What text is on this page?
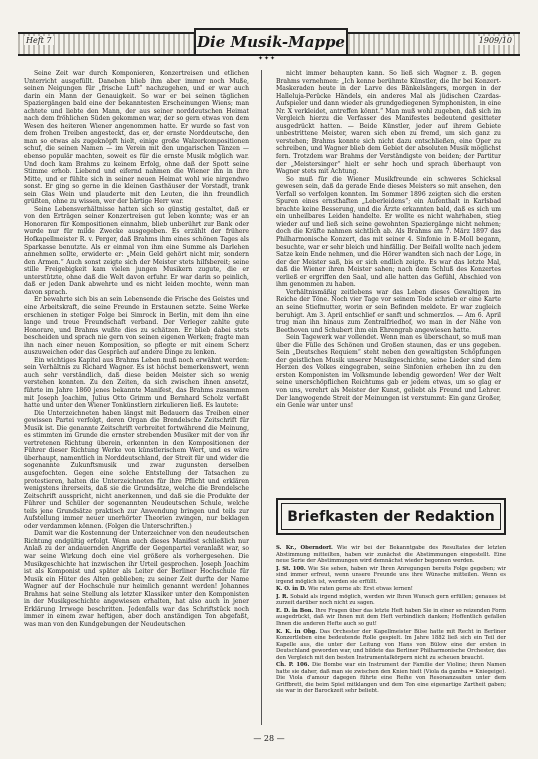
Heft 7	Die Musik-Mappe	1909/10
✦✦✦

Seine Zeit war durch Komponieren, Konzertreisen und etlichen Unterricht ausgefüllt. Daneben blieb ihm aber immer noch Muße, seinen Neigungen für „frische Luft“ nachzugehen, und er war auch darin ein Mann der Genauigkeit. So war er bei seinen täglichen Spaziergängen bald eine der bekanntesten Erscheinungen Wiens; man achtete und liebte den Mann, der aus seiner norddeutschen Heimat nach dem fröhlichen Süden gekommen war, der so gern etwas von dem Wesen des heiteren Wiener angenommen hatte. Er wurde so fast von dem frohen Treiben angesteckt, das er, der ernste Norddeutsche, den man so etwas als zugeknöpft hielt, einige große Walzerkompositionen schuf, die seinen Namen — im Verein mit den ungarischen Tänzen — ebenso populär machten, soweit es für die ernste Musik möglich war. Und doch kam Brahms zu keinem Erfolg, ohne daß der Spott seine Stimme erhob. Liebend und eifernd nahmen die Wiener ihn in ihre Mitte, und er fühlte sich in seiner neuen Heimat wohl wie nirgendwo sonst. Er ging so gerne in die kleinen Gasthäuser der Vorstadt, trank sein Glas Wein und plauderte mit den Leuten, die ihn freundlich grüßten, ohne zu wissen, wer der bärtige Herr war.

Seine Lebensverhältnisse hatten sich so günstig gestaltet, daß er von den Erträgen seiner Konzertreisen gut leben konnte; was er an Honoraren für Kompositionen einnahm, blieb unberührt zur Bank oder wurde nur für milde Zwecke ausgegeben. Es erzählt der frühere Hofkapellmeister R. v. Perger, daß Brahms ihm eines schönen Tages als Sparkasse benutzte. Als er einmal von ihm eine Summe als Darlehen annehmen sollte, erwiderte er: „Mein Geld gehört nicht mir, sondern den Armen.“ Auch sonst zeigte sich der Meister stets hilfsbereit; seine stille Freigebigkeit kam vielen jungen Musikern zugute, die er unterstützte, ohne daß die Welt davon erfuhr. Er war darin so peinlich, daß er jeden Dank abwehrte und es nicht leiden mochte, wenn man davon sprach.

Er bewahrte sich bis an sein Lebensende die Frische des Geistes und eine Arbeitskraft, die seine Freunde in Erstaunen setzte. Seine Werke erschienen in stetiger Folge bei Simrock in Berlin, mit dem ihn eine lange und treue Freundschaft verband. Der Verleger zahlte gute Honorare, und Brahms wußte dies zu schätzen. Er blieb dabei stets bescheiden und sprach nie gern von seinen eigenen Werken; fragte man ihn nach einer neuen Komposition, so pflegte er mit einem Scherz auszuweichen oder das Gespräch auf andere Dinge zu lenken.

Ein wichtiges Kapitel aus Brahms Leben muß noch erwähnt werden: sein Verhältnis zu Richard Wagner. Es ist höchst bemerkenswert, wenn auch sehr verständlich, daß diese beiden Meister sich so wenig verstehen konnten. Zu den Zeiten, da sich zwischen ihnen ansetzt, führte im Jahre 1860 jenes bekannte Manifest, das Brahms zusammen mit Joseph Joachim, Julius Otto Grimm und Bernhard Scholz verfaßt hatte und unter den Wiener Tonkünstlern zirkulieren ließ. Es lautete:

Die Unterzeichneten haben längst mit Bedauern das Treiben einer gewissen Partei verfolgt, deren Organ die Brendelsche Zeitschrift für Musik ist. Die genannte Zeitschrift verbreitet fortwährend die Meinung, es stimmten im Grunde die ernster strebenden Musiker mit der von ihr vertretenen Richtung überein, erkennten in den Kompositionen der Führer dieser Richtung Werke von künstlerischem Wert, und es wäre überhaupt, namentlich in Norddeutschland, der Streit für und wider die sogenannte Zukunftsmusik und zwar zugunsten derselben ausgefochten. Gegen eine solche Entstellung der Tatsachen zu protestieren, halten die Unterzeichneten für ihre Pflicht und erklären wenigstens ihrerseits, daß sie die Grundsätze, welche die Brendelsche Zeitschrift ausspricht, nicht anerkennen, und daß sie die Produkte der Führer und Schüler der sogenannten Neudeutschen Schule, welche teils jene Grundsätze praktisch zur Anwendung bringen und teils zur Aufstellung immer neuer unerhörter Theorien zwingen, nur beklagen oder verdammen können. (Folgen die Unterschriften.)

Damit war die Kostennung der Unterzeichner von den neudeutschen Richtung endgültig erfolgt. Wenn auch dieses Manifest schließlich nur Anlaß zu der andauernden Angriffe der Gegenpartei veranlaßt war, so war seine Wirkung doch eine viel größere als vorhergesehen. Die Musikgeschichte hat inzwischen ihr Urteil gesprochen. Joseph Joachim ist als Komponist und später als Leiter der Berliner Hochschule für Musik ein Hüter des Alten geblieben; zu seiner Zeit durfte der Name Wagner auf der Hochschule nur heimlich genannt werden! Johannes Brahms hat seine Stellung als letzter Klassiker unter den Komponisten in der Musikgeschichte angewiesen erhalten, hat also auch in jener Erklärung Irrwege beschritten. Jedenfalls war das Schriftstück noch immer in einem zwar heftigen, aber doch anständigen Ton abgefaßt, was man von den Kundgebungen der Neudeutschen

nicht immer behaupten kann. So ließ sich Wagner z. B. gegen Brahms vernehmen: „Ich kenne berühmte Künstler, die Ihr bei Konzert-Maskeraden heute in der Larve des Bänkelsängers, morgen in der Halleluja-Perücke Händels, ein anderes Mal als jüdischen Czardas-Aufspieler und dann wieder als grundgediegenen Symphonisten, in eine Nr. X verkleidet, antreffen könnt.“ Man muß wohl zugeben, daß sich im Vergleich hierzu die Verfasser des Manifestes bedeutend gesitteter ausgedrückt hatten. — Beide Künstler, jeder auf ihrem Gebiete unbestrittene Meister, waren sich eben zu fremd, um sich ganz zu verstehen; Brahms konnte sich nicht dazu entschließen, eine Oper zu schreiben, und Wagner blieb dem Gebiet der absoluten Musik möglichst fern. Trotzdem war Brahms der Verständigste von beiden; der Partitur der „Meistersinger“ hielt er sehr hoch und sprach überhaupt von Wagner stets mit Achtung.

So muß für die Wiener Musikfreunde ein schweres Schicksal gewesen sein, daß da gerade Ende dieses Meisters so mit ansehen, den Verfall so verfolgen konnten. Im Sommer 1896 zeigten sich die ersten Spuren eines ernsthaften „Leberleidens“; ein Aufenthalt in Karlsbad brachte keine Besserung, und die Ärzte erkannten bald, daß es sich um ein unheilbares Leiden handelte. Er wollte es nicht wahrhaben, stieg wieder auf und ließ sich seine gewohnten Spaziergänge nicht nehmen; doch die Kräfte nahmen sichtlich ab. Als Brahms am 7. März 1897 das Philharmonische Konzert, das mit seiner 4. Sinfonie in E-Moll begann, besuchte, war er sehr bleich und hinfällig. Der Beifall wollte nach jedem Satze kein Ende nehmen, und die Hörer wandten sich nach der Loge, in der der Meister saß, bis er sich endlich zeigte. Es war das letzte Mal, daß die Wiener ihren Meister sahen; nach dem Schluß des Konzertes verließ er ergriffen den Saal, und alle hatten das Gefühl, Abschied von ihm genommen zu haben.

Verhältnismäßig zeitlebens war das Leben dieses Gewaltigen im Reiche der Töne. Noch vier Tage vor seinem Tode schrieb er eine Karte an seine Stiefmutter, worin er sein Befinden meldete. Er war zugleich beruhigt. Am 3. April entschlief er sanft und schmerzlos. — Am 6. April trug man ihn hinaus zum Zentralfriedhof, wo man in der Nähe von Beethoven und Schubert ihm ein Ehrengrab angewiesen hatte.

Sein Tagewerk war vollendet. Wenn man es überschaut, so muß man über die Fülle des Schönen und Großen staunen, das er uns gegeben. Sein „Deutsches Requiem“ steht neben den gewaltigsten Schöpfungen der geistlichen Musik unserer Musikgeschichte, seine Lieder sind dem Herzen des Volkes eingegraben, seine Sinfonien erheben ihn zu den ersten Komponisten im Volksmunde lebendig geworden! Wer der Welt seine unerschöpflichen Reichtums gab er jedem etwas, um so glag er von uns, verehrt als Meister der Kunst, geliebt als Freund und Lehrer. Der langwogende Streit der Meinungen ist verstummt: Ein ganz Großer, ein Genie war unter uns!

Briefkasten der Redaktion

S. Kr., Oberndorf. Wie wir bei der Bekanntgabe des Resultates der letzten Abstimmung mitteilten, haben wir zunächst die Abstimmungen eingestellt. Eine neue Serie der Abstimmungen wird demnächst wieder begonnen werden.

J. St. 100. Wie Sie sehen, haben wir Ihren Anregungen bereits Folge gegeben; wir sind immer erfreut, wenn unsere Freunde uns ihre Wünsche mitteilen. Wenn es irgend möglich ist, werden sie erfüllt.

K. O. in D. Wie raten gerne ab: Erst etwas lernen!

J. R. Sobald als irgend möglich, werden wir Ihren Wunsch gern erfüllen; genaues ist zurzeit darüber noch nicht zu sagen.

E. D. in Bon. Ihre Fragen über das letzte Heft haben Sie in einer so reizenden Form ausgedrückt, daß wir Ihnen mit dem Heft verbindlich danken; Hoffentlich gefallen Ihnen die anderen Hefte auch so gut!

K. K. in Obg. Das Orchester der Kapellmeister Bilse hatte mit Recht in Berliner Konzertleben eine bedeutende Rolle gespielt. Im Jahre 1882 ließ sich ein Teil der Kapelle aus, die unter der Leitung von Hans von Bülow eine der ersten in Deutschland geworden war, und bildete das Berliner Philharmonische Orchester, das den Vergleich mit den besten Instrumentalkörpern nicht zu scheuen braucht.

Ch. P. 106. Die Bombe war ein Instrument der Familie der Violine; ihren Namen hatte sie daher, daß man sie zwischen den Knien hielt (Viola da gamba = Kniegeige). Die Viola d'amour dagegen führte eine Reihe von Resonanzsaiten unter dem Griffbrett, die beim Spiel mitklangen und dem Ton eine eigenartige Zartheit gaben; sie war in der Barockzeit sehr beliebt.

— 28 —
